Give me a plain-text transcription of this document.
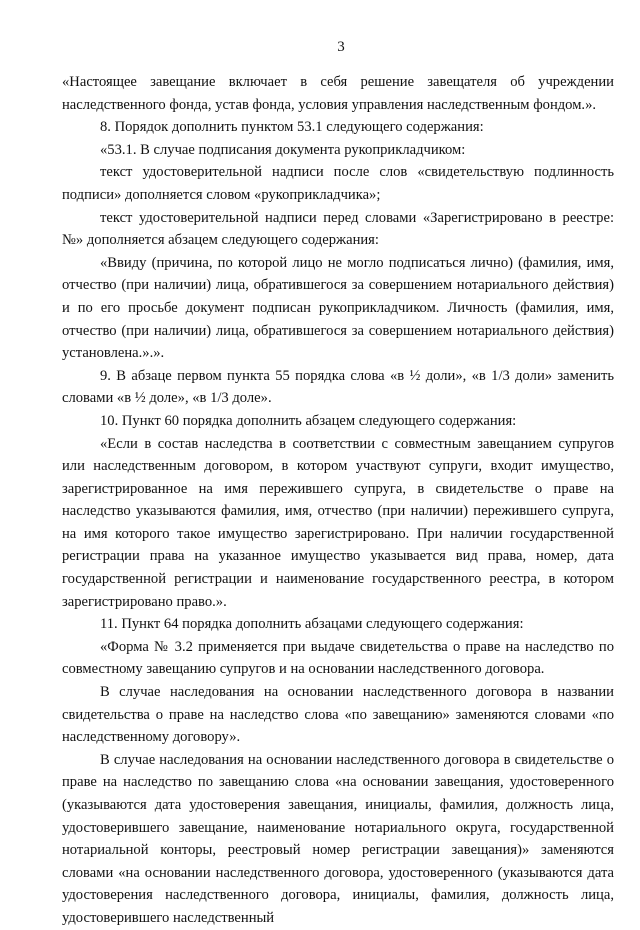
3

«Настоящее завещание включает в себя решение завещателя об учреждении наследственного фонда, устав фонда, условия управления наследственным фондом.».

8. Порядок дополнить пунктом 53.1 следующего содержания:

«53.1. В случае подписания документа рукоприкладчиком:

текст удостоверительной надписи после слов «свидетельствую подлинность подписи» дополняется словом «рукоприкладчика»;

текст удостоверительной надписи перед словами «Зарегистрировано в реестре: №» дополняется абзацем следующего содержания:

«Ввиду (причина, по которой лицо не могло подписаться лично) (фамилия, имя, отчество (при наличии) лица, обратившегося за совершением нотариального действия) и по его просьбе документ подписан рукоприкладчиком. Личность (фамилия, имя, отчество (при наличии) лица, обратившегося за совершением нотариального действия) установлена.».».

9. В абзаце первом пункта 55 порядка слова «в ½ доли», «в 1/3 доли» заменить словами «в ½ доле», «в 1/3 доле».

10. Пункт 60 порядка дополнить абзацем следующего содержания:

«Если в состав наследства в соответствии с совместным завещанием супругов или наследственным договором, в котором участвуют супруги, входит имущество, зарегистрированное на имя пережившего супруга, в свидетельстве о праве на наследство указываются фамилия, имя, отчество (при наличии) пережившего супруга, на имя которого такое имущество зарегистрировано. При наличии государственной регистрации права на указанное имущество указывается вид права, номер, дата государственной регистрации и наименование государственного реестра, в котором зарегистрировано право.».

11. Пункт 64 порядка дополнить абзацами следующего содержания:

«Форма № 3.2 применяется при выдаче свидетельства о праве на наследство по совместному завещанию супругов и на основании наследственного договора.

В случае наследования на основании наследственного договора в названии свидетельства о праве на наследство слова «по завещанию» заменяются словами «по наследственному договору».

В случае наследования на основании наследственного договора в свидетельстве о праве на наследство по завещанию слова «на основании завещания, удостоверенного (указываются дата удостоверения завещания, инициалы, фамилия, должность лица, удостоверившего завещание, наименование нотариального округа, государственной нотариальной конторы, реестровый номер регистрации завещания)» заменяются словами «на основании наследственного договора, удостоверенного (указываются дата удостоверения наследственного договора, инициалы, фамилия, должность лица, удостоверившего наследственный
